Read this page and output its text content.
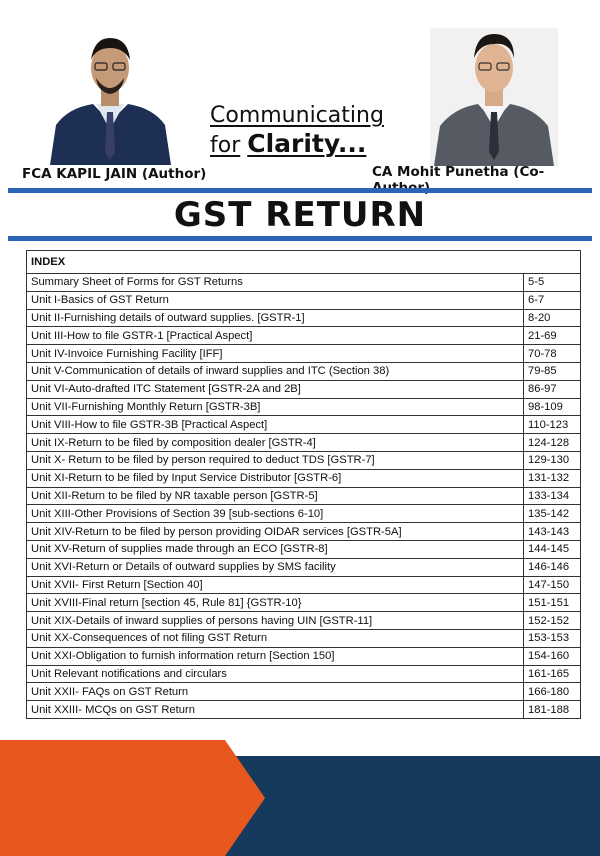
Communicating
for Clarity...
FCA KAPIL JAIN (Author)	CA Mohit Punetha (Co-
GST RETURN
INDEX	
Summary Sheet of Forms for GST Returns	5-5
Unit I-Basics of GST Return	6-7
Unit II-Furnishing details of outward supplies. [GSTR-1]	8-20
Unit III-How to file GSTR-1 [Practical Aspect]	21-69
Unit IV-Invoice Furnishing Facility [IFF]	70-78
Unit V-Communication of details of inward supplies and ITC (Section 38)	79-85
Unit VI-Auto-drafted ITC Statement [GSTR-2A and 2B]	86-97
Unit VII-Furnishing Monthly Return [GSTR-3B]	98-109
Unit VIII-How to file GSTR-3B [Practical Aspect]	110-123
Unit IX-Return to be filed by composition dealer [GSTR-4]	124-128
Unit X- Return to be filed by person required to deduct TDS [GSTR-7]	129-130
Unit XI-Return to be filed by Input Service Distributor [GSTR-6]	131-132
Unit XII-Return to be filed by NR taxable person [GSTR-5]	133-134
Unit XIII-Other Provisions of Section 39 [sub-sections 6-10]	135-142
Unit XIV-Return to be filed by person providing OIDAR services [GSTR-5A]	143-143
Unit XV-Return of supplies made through an ECO [GSTR-8]	144-145
Unit XVI-Return or Details of outward supplies by SMS facility	146-146
Unit XVII- First Return [Section 40]	147-150
Unit XVIII-Final return [section 45, Rule 81] {GSTR-10}	151-151
Unit XIX-Details of inward supplies of persons having UIN [GSTR-11]	152-152
Unit XX-Consequences of not filing GST Return	153-153
Unit XXI-Obligation to furnish information return [Section 150]	154-160
Unit Relevant notifications and circulars	161-165
Unit XXII- FAQs on GST Return	166-180
Unit XXIII- MCQs on GST Return	181-188
